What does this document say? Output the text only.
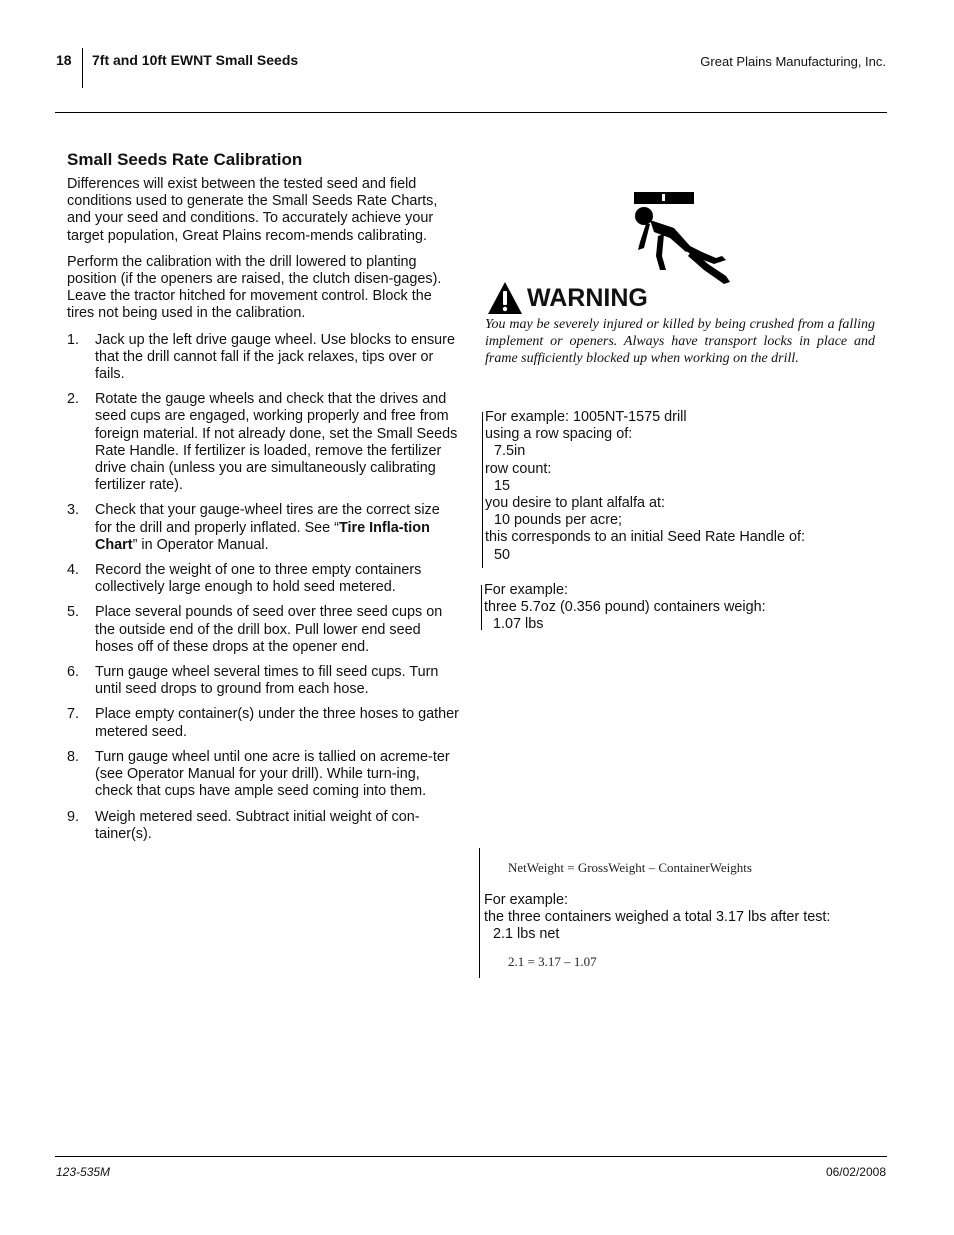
18 7ft and 10ft EWNT Small Seeds	Great Plains Manufacturing, Inc.
Small Seeds Rate Calibration

Differences will exist between the tested seed and field conditions used to generate the Small Seeds Rate Charts, and your seed and conditions. To accurately achieve your target population, Great Plains recom-mends calibrating.

Perform the calibration with the drill lowered to planting position (if the openers are raised, the clutch disen-gages). Leave the tractor hitched for movement control. Block the tires not being used in the calibration.

1. Jack up the left drive gauge wheel. Use blocks to ensure that the drill cannot fall if the jack relaxes, tips over or fails.
2. Rotate the gauge wheels and check that the drives and seed cups are engaged, working properly and free from foreign material. If not already done, set the Small Seeds Rate Handle. If fertilizer is loaded, remove the fertilizer drive chain (unless you are simultaneously calibrating fertilizer rate).
3. Check that your gauge-wheel tires are the correct size for the drill and properly inflated. See “Tire Infla-tion Chart” in Operator Manual.
4. Record the weight of one to three empty containers collectively large enough to hold seed metered.
5. Place several pounds of seed over three seed cups on the outside end of the drill box. Pull lower end seed hoses off of these drops at the opener end.
6. Turn gauge wheel several times to fill seed cups. Turn until seed drops to ground from each hose.
7. Place empty container(s) under the three hoses to gather metered seed.
8. Turn gauge wheel until one acre is tallied on acreme-ter (see Operator Manual for your drill). While turn-ing, check that cups have ample seed coming into them.
9. Weigh metered seed. Subtract initial weight of con-tainer(s).
WARNING
You may be severely injured or killed by being crushed from a falling implement or openers. Always have transport locks in place and frame sufficiently blocked up when working on the drill.
For example: 1005NT-1575 drill
using a row spacing of:
7.5in
row count:
15
you desire to plant alfalfa at:
10 pounds per acre;
this corresponds to an initial Seed Rate Handle of:
50
For example:
three 5.7oz (0.356 pound) containers weigh:
1.07 lbs
NetWeight = GrossWeight – ContainerWeights
For example:
the three containers weighed a total 3.17 lbs after test:
2.1 lbs net
2.1 = 3.17 – 1.07
123-535M	06/02/2008
